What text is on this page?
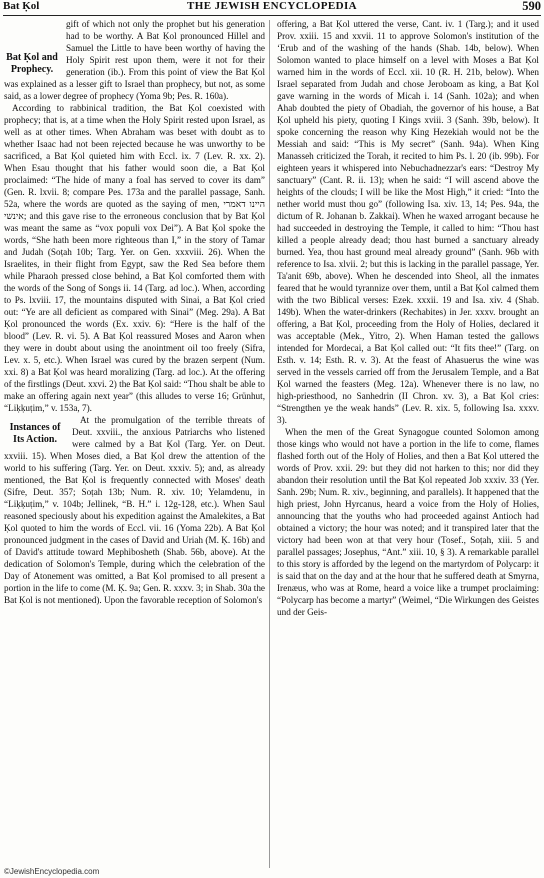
Bat Ḳol	THE JEWISH ENCYCLOPEDIA	590
Bat Ḳol and Prophecy.

gift of which not only the prophet but his generation had to be worthy. A Bat Ḳol pronounced Hillel and Samuel the Little to have been worthy of having the Holy Spirit rest upon them, were it not for their generation (ib.). From this point of view the Bat Ḳol was explained as a lesser gift to Israel than prophecy, but not, as some said, as a lower degree of prophecy (Yoma 9b; Pes. R. 160a).

According to rabbinical tradition, the Bat Ḳol coexisted with prophecy; that is, at a time when the Holy Spirit rested upon Israel, as well as at other times. When Abraham was beset with doubt as to whether Isaac had not been rejected because he was unworthy to be sacrificed, a Bat Ḳol quieted him with Eccl. ix. 7 (Lev. R. xx. 2). When Esau thought that his father would soon die, a Bat Ḳol proclaimed: “The hide of many a foal has served to cover its dam” (Gen. R. lxvii. 8; compare Pes. 173a and the parallel passage, Sanh. 52a, where the words are quoted as the saying of men, היינו דאמרי אינשי; and this gave rise to the erroneous conclusion that by Bat Ḳol was meant the same as “vox populi vox Dei”). A Bat Ḳol spoke the words, “She hath been more righteous than I,” in the story of Tamar and Judah (Soṭah 10b; Targ. Yer. on Gen. xxxviii. 26). When the Israelites, in their flight from Egypt, saw the Red Sea before them while Pharaoh pressed close behind, a Bat Ḳol comforted them with the words of the Song of Songs ii. 14 (Targ. ad loc.). When, according to Ps. lxviii. 17, the mountains disputed with Sinai, a Bat Ḳol cried out: “Ye are all deficient as compared with Sinai” (Meg. 29a). A Bat Ḳol pronounced the words (Ex. xxiv. 6): “Here is the half of the blood” (Lev. R. vi. 5). A Bat Ḳol reassured Moses and Aaron when they were in doubt about using the anointment oil too freely (Sifra, Lev. x. 5, etc.). When Israel was cured by the brazen serpent (Num. xxi. 8) a Bat Ḳol was heard moralizing (Targ. ad loc.). At the offering of the firstlings (Deut. xxvi. 2) the Bat Ḳol said: “Thou shalt be able to make an offering again next year” (this alludes to verse 16; Grünhut, “Liḳḳuṭim,” v. 153a, 7).

Instances of Its Action.

At the promulgation of the terrible threats of Deut. xxviii., the anxious Patriarchs who listened were calmed by a Bat Ḳol (Targ. Yer. on Deut. xxviii. 15). When Moses died, a Bat Ḳol drew the attention of the world to his suffering (Targ. Yer. on Deut. xxxiv. 5); and, as already mentioned, the Bat Ḳol is frequently connected with Moses' death (Sifre, Deut. 357; Soṭah 13b; Num. R. xiv. 10; Yelamdenu, in “Liḳḳuṭim,” v. 104b; Jellinek, “B. H.” i. 12g-128, etc.). When Saul reasoned speciously about his expedition against the Amalekites, a Bat Ḳol quoted to him the words of Eccl. vii. 16 (Yoma 22b). A Bat Ḳol pronounced judgment in the cases of David and Uriah (M. Ḳ. 16b) and of David's attitude toward Mephibosheth (Shab. 56b, above). At the dedication of Solomon's Temple, during which the celebration of the Day of Atonement was omitted, a Bat Ḳol promised to all present a portion in the life to come (M. Ḳ. 9a; Gen. R. xxxv. 3; in Shab. 30a the Bat Ḳol is not mentioned). Upon the favorable reception of Solomon's

offering, a Bat Ḳol uttered the verse, Cant. iv. 1 (Targ.); and it used Prov. xxiii. 15 and xxvii. 11 to approve Solomon's institution of the ‘Erub and of the washing of the hands (Shab. 14b, below). When Solomon wanted to place himself on a level with Moses a Bat Ḳol warned him in the words of Eccl. xii. 10 (R. H. 21b, below). When Israel separated from Judah and chose Jeroboam as king, a Bat Ḳol gave warning in the words of Micah i. 14 (Sanh. 102a); and when Ahab doubted the piety of Obadiah, the governor of his house, a Bat Ḳol upheld his piety, quoting I Kings xviii. 3 (Sanh. 39b, below). It spoke concerning the reason why King Hezekiah would not be the Messiah and said: “This is My secret” (Sanh. 94a). When King Manasseh criticized the Torah, it recited to him Ps. l. 20 (ib. 99b). For eighteen years it whispered into Nebuchadnezzar's ears: “Destroy My sanctuary” (Cant. R. ii. 13); when he said: “I will ascend above the heights of the clouds; I will be like the Most High,” it cried: “Into the nether world must thou go” (following Isa. xiv. 13, 14; Pes. 94a, the dictum of R. Johanan b. Zakkai). When he waxed arrogant because he had succeeded in destroying the Temple, it called to him: “Thou hast killed a people already dead; thou hast burned a sanctuary already burned. Yea, thou hast ground meal already ground” (Sanh. 96b with reference to Isa. xlvii. 2; but this is lacking in the parallel passage, Yer. Ta'anit 69b, above). When he descended into Sheol, all the inmates feared that he would tyrannize over them, until a Bat Ḳol calmed them with the two Biblical verses: Ezek. xxxii. 19 and Isa. xiv. 4 (Shab. 149b). When the water-drinkers (Rechabites) in Jer. xxxv. brought an offering, a Bat Ḳol, proceeding from the Holy of Holies, declared it was acceptable (Mek., Yitro, 2). When Haman tested the gallows intended for Mordecai, a Bat Ḳol called out: “It fits thee!” (Targ. on Esth. v. 14; Esth. R. v. 3). At the feast of Ahasuerus the wine was served in the vessels carried off from the Jerusalem Temple, and a Bat Ḳol warned the feasters (Meg. 12a). Whenever there is no law, no high-priesthood, no Sanhedrin (II Chron. xv. 3), a Bat Ḳol cries: “Strengthen ye the weak hands” (Lev. R. xix. 5, following Isa. xxxv. 3).

When the men of the Great Synagogue counted Solomon among those kings who would not have a portion in the life to come, flames flashed forth out of the Holy of Holies, and then a Bat Ḳol uttered the words of Prov. xxii. 29: but they did not harken to this; nor did they abandon their resolution until the Bat Ḳol repeated Job xxxiv. 33 (Yer. Sanh. 29b; Num. R. xiv., beginning, and parallels). It happened that the high priest, John Hyrcanus, heard a voice from the Holy of Holies, announcing that the youths who had proceeded against Antioch had obtained a victory; the hour was noted; and it transpired later that the victory had been won at that very hour (Tosef., Soṭah, xiii. 5 and parallel passages; Josephus, “Ant.” xiii. 10, § 3). A remarkable parallel to this story is afforded by the legend on the martyrdom of Polycarp: it is said that on the day and at the hour that he suffered death at Smyrna, Irenæus, who was at Rome, heard a voice like a trumpet proclaiming: “Polycarp has become a martyr” (Weimel, “Die Wirkungen des Geistes und der Geis-

©JewishEncyclopedia.com
